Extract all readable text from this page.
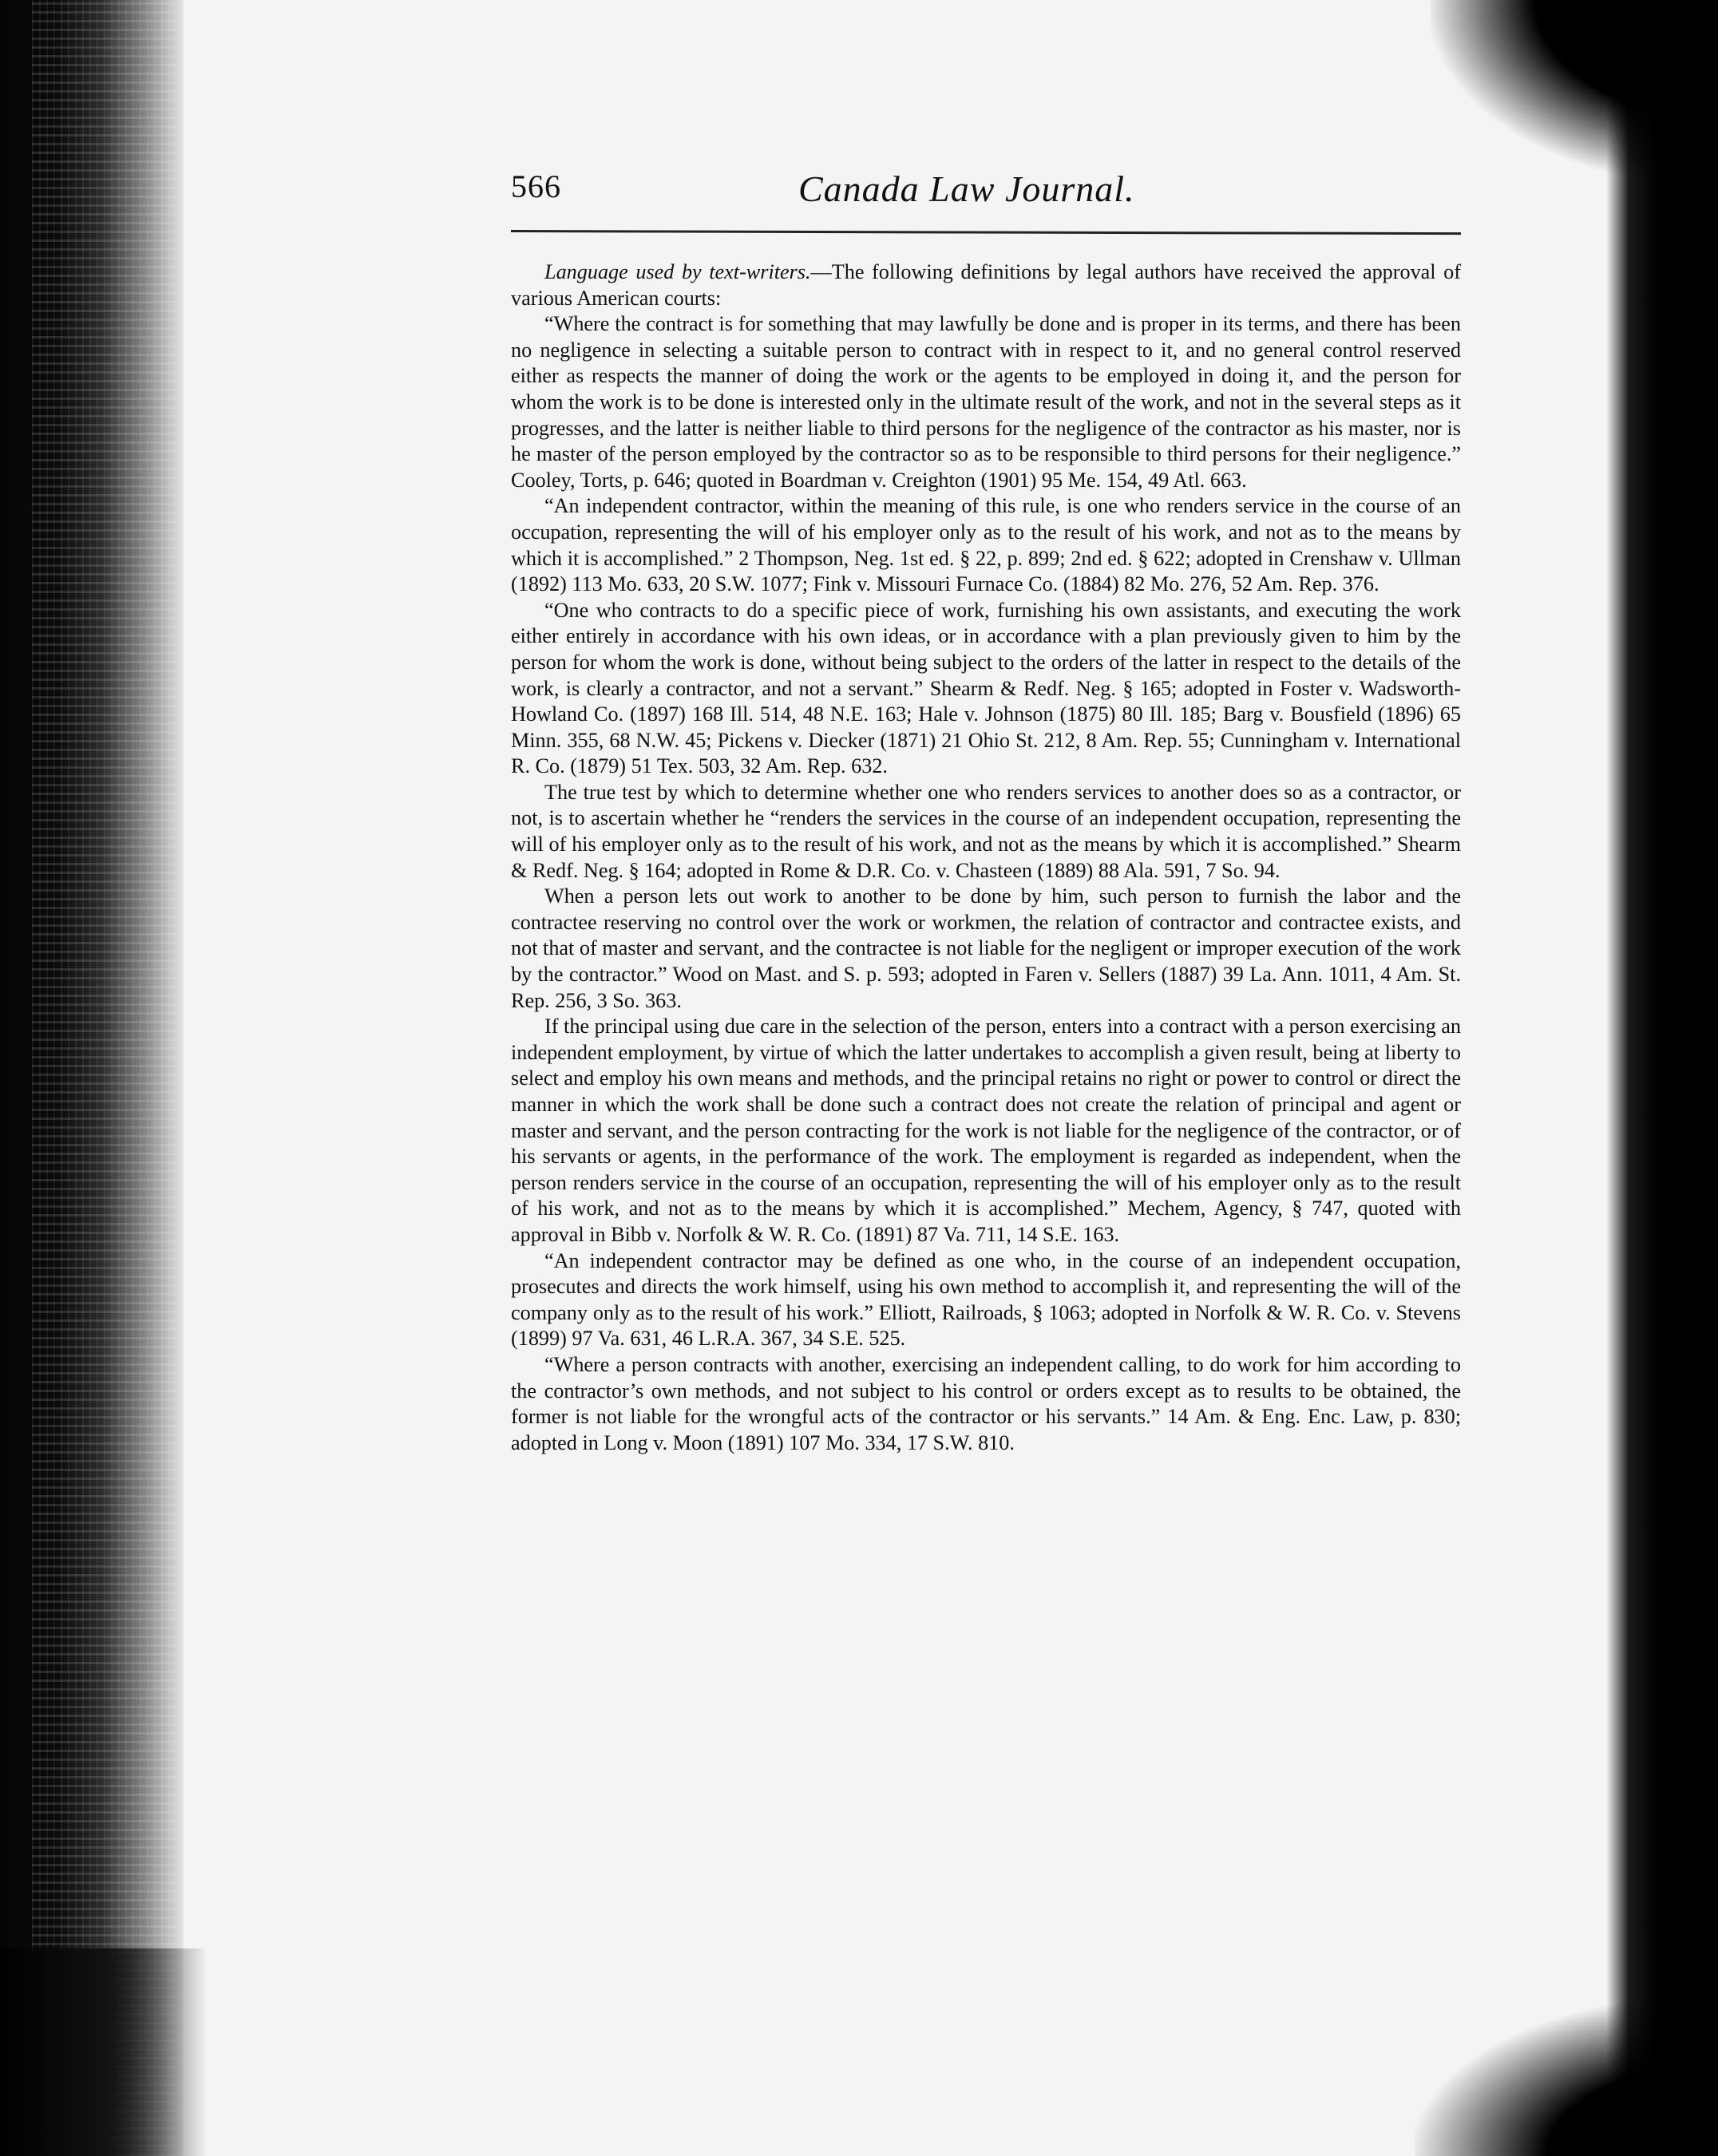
566	Canada Law Journal.

Language used by text-writers.—The following definitions by legal authors have received the approval of various American courts:

“Where the contract is for something that may lawfully be done and is proper in its terms, and there has been no negligence in selecting a suitable person to contract with in respect to it, and no general control reserved either as respects the manner of doing the work or the agents to be employed in doing it, and the person for whom the work is to be done is interested only in the ultimate result of the work, and not in the several steps as it progresses, and the latter is neither liable to third persons for the negligence of the contractor as his master, nor is he master of the person employed by the contractor so as to be responsible to third persons for their negligence.” Cooley, Torts, p. 646; quoted in Boardman v. Creighton (1901) 95 Me. 154, 49 Atl. 663.

“An independent contractor, within the meaning of this rule, is one who renders service in the course of an occupation, representing the will of his employer only as to the result of his work, and not as to the means by which it is accomplished.” 2 Thompson, Neg. 1st ed. § 22, p. 899; 2nd ed. § 622; adopted in Crenshaw v. Ullman (1892) 113 Mo. 633, 20 S.W. 1077; Fink v. Missouri Furnace Co. (1884) 82 Mo. 276, 52 Am. Rep. 376.

“One who contracts to do a specific piece of work, furnishing his own assistants, and executing the work either entirely in accordance with his own ideas, or in accordance with a plan previously given to him by the person for whom the work is done, without being subject to the orders of the latter in respect to the details of the work, is clearly a contractor, and not a servant.” Shearm & Redf. Neg. § 165; adopted in Foster v. Wadsworth-Howland Co. (1897) 168 Ill. 514, 48 N.E. 163; Hale v. Johnson (1875) 80 Ill. 185; Barg v. Bousfield (1896) 65 Minn. 355, 68 N.W. 45; Pickens v. Diecker (1871) 21 Ohio St. 212, 8 Am. Rep. 55; Cunningham v. International R. Co. (1879) 51 Tex. 503, 32 Am. Rep. 632.

The true test by which to determine whether one who renders services to another does so as a contractor, or not, is to ascertain whether he “renders the services in the course of an independent occupation, representing the will of his employer only as to the result of his work, and not as the means by which it is accomplished.” Shearm & Redf. Neg. § 164; adopted in Rome & D.R. Co. v. Chasteen (1889) 88 Ala. 591, 7 So. 94.

When a person lets out work to another to be done by him, such person to furnish the labor and the contractee reserving no control over the work or workmen, the relation of contractor and contractee exists, and not that of master and servant, and the contractee is not liable for the negligent or improper execution of the work by the contractor.” Wood on Mast. and S. p. 593; adopted in Faren v. Sellers (1887) 39 La. Ann. 1011, 4 Am. St. Rep. 256, 3 So. 363.

If the principal using due care in the selection of the person, enters into a contract with a person exercising an independent employment, by virtue of which the latter undertakes to accomplish a given result, being at liberty to select and employ his own means and methods, and the principal retains no right or power to control or direct the manner in which the work shall be done such a contract does not create the relation of principal and agent or master and servant, and the person contracting for the work is not liable for the negligence of the contractor, or of his servants or agents, in the performance of the work. The employment is regarded as independent, when the person renders service in the course of an occupation, representing the will of his employer only as to the result of his work, and not as to the means by which it is accomplished.” Mechem, Agency, § 747, quoted with approval in Bibb v. Norfolk & W. R. Co. (1891) 87 Va. 711, 14 S.E. 163.

“An independent contractor may be defined as one who, in the course of an independent occupation, prosecutes and directs the work himself, using his own method to accomplish it, and representing the will of the company only as to the result of his work.” Elliott, Railroads, § 1063; adopted in Norfolk & W. R. Co. v. Stevens (1899) 97 Va. 631, 46 L.R.A. 367, 34 S.E. 525.

“Where a person contracts with another, exercising an independent calling, to do work for him according to the contractor’s own methods, and not subject to his control or orders except as to results to be obtained, the former is not liable for the wrongful acts of the contractor or his servants.” 14 Am. & Eng. Enc. Law, p. 830; adopted in Long v. Moon (1891) 107 Mo. 334, 17 S.W. 810.
